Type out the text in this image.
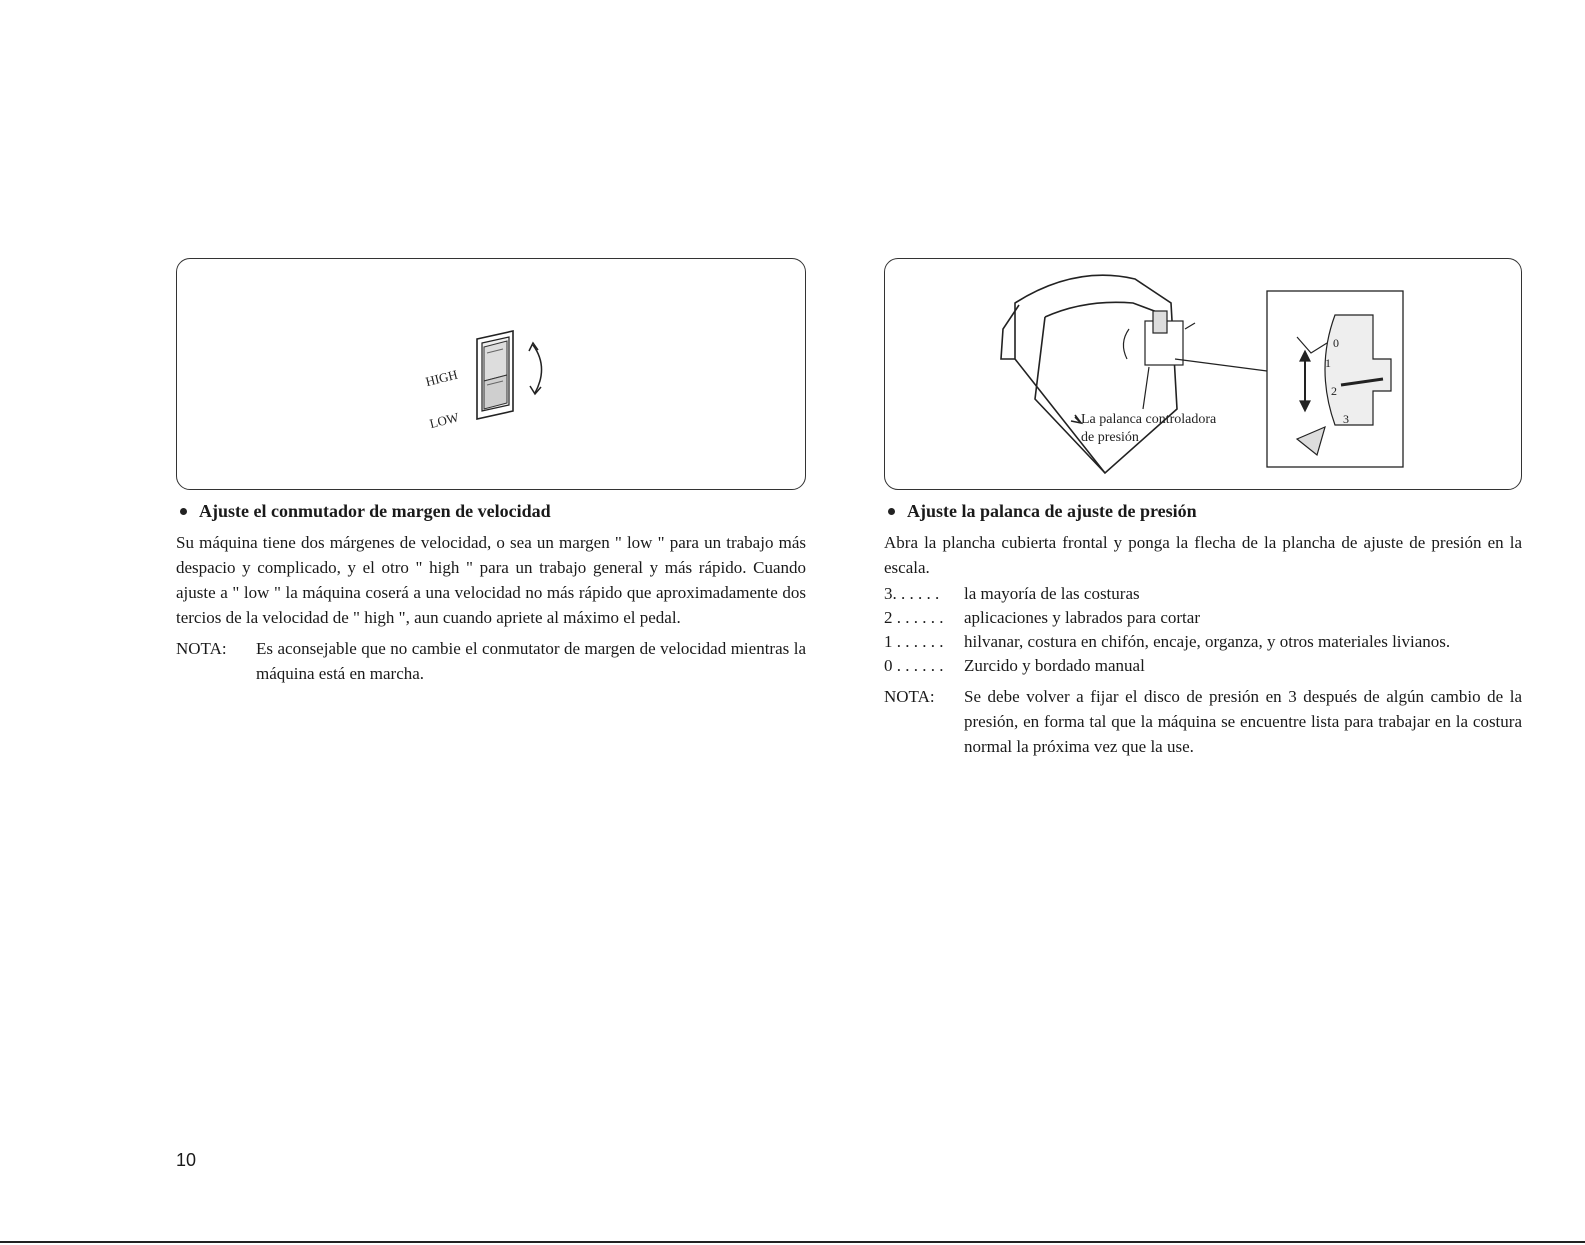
HIGH
LOW
Ajuste el conmutador de margen de velocidad

Su máquina tiene dos márgenes de velocidad, o sea un margen " low " para un trabajo más despacio y complicado, y el otro " high " para un trabajo general y más rápido. Cuando ajuste a " low " la máquina coserá a una velocidad no más rápido que aproximadamente dos tercios de la velocidad de " high ", aun cuando apriete al máximo el pedal.

NOTA:	Es aconsejable que no cambie el conmutator de margen de velocidad mientras la máquina está en marcha.
La palanca controladora
de presión
0
1
2
3
Ajuste la palanca de ajuste de presión

Abra la plancha cubierta frontal y ponga la flecha de la plancha de ajuste de presión en la escala.

3. . . . . .	la mayoría de las costuras
2 . . . . . .	aplicaciones y labrados para cortar
1 . . . . . .	hilvanar, costura en chifón, encaje, organza, y otros materiales livianos.
0 . . . . . .	Zurcido y bordado manual
NOTA:	Se debe volver a fijar el disco de presión en 3 después de algún cambio de la presión, en forma tal que la máquina se encuentre lista para trabajar en la costura normal la próxima vez que la use.
10
